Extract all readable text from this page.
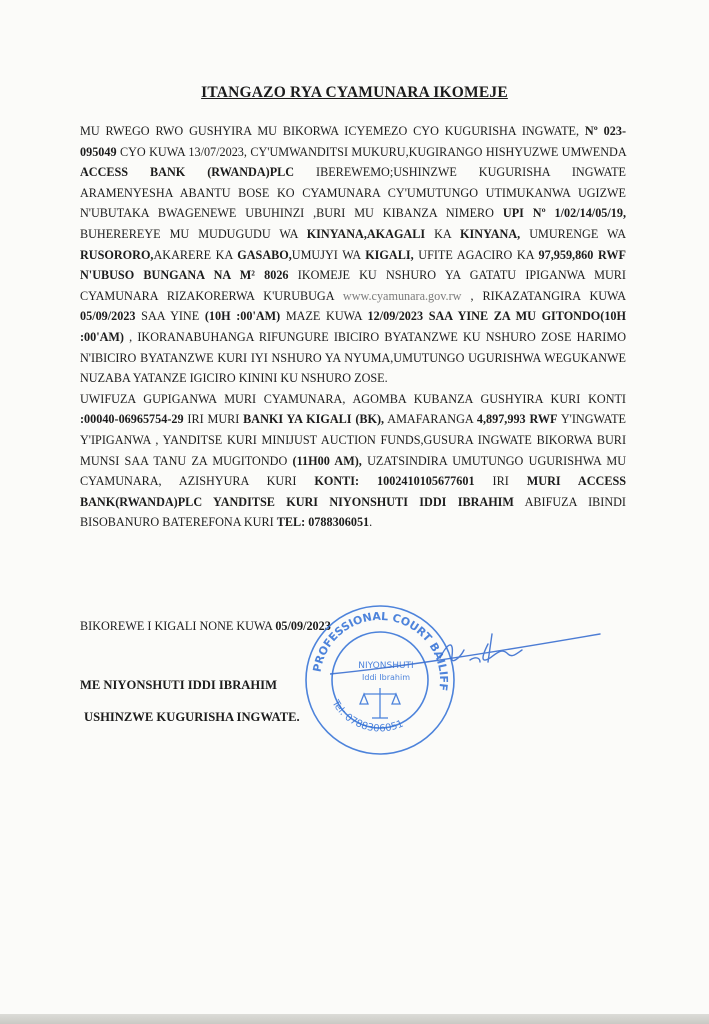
ITANGAZO RYA CYAMUNARA IKOMEJE

MU RWEGO RWO GUSHYIRA MU BIKORWA ICYEMEZO CYO KUGURISHA INGWATE, Nº 023-095049 CYO KUWA 13/07/2023, CY'UMWANDITSI MUKURU,KUGIRANGO HISHYUZWE UMWENDA ACCESS BANK (RWANDA)PLC IBEREWEMO;USHINZWE KUGURISHA INGWATE ARAMENYESHA ABANTU BOSE KO CYAMUNARA CY'UMUTUNGO UTIMUKANWA UGIZWE N'UBUTAKA BWAGENEWE UBUHINZI ,BURI MU KIBANZA NIMERO UPI Nº 1/02/14/05/19, BUHEREREYE MU MUDUGUDU WA KINYANA,AKAGALI KA KINYANA, UMURENGE WA RUSORORO,AKARERE KA GASABO,UMUJYI WA KIGALI, UFITE AGACIRO KA 97,959,860 RWF N'UBUSO BUNGANA NA M² 8026 IKOMEJE KU NSHURO YA GATATU IPIGANWA MURI CYAMUNARA RIZAKORERWA K'URUBUGA www.cyamunara.gov.rw , RIKAZATANGIRA KUWA 05/09/2023 SAA YINE (10H :00'AM) MAZE KUWA 12/09/2023 SAA YINE ZA MU GITONDO(10H :00'AM) , IKORANABUHANGA RIFUNGURE IBICIRO BYATANZWE KU NSHURO ZOSE HARIMO N'IBICIRO BYATANZWE KURI IYI NSHURO YA NYUMA,UMUTUNGO UGURISHWA WEGUKANWE NUZABA YATANZE IGICIRO KININI KU NSHURO ZOSE.

UWIFUZA GUPIGANWA MURI CYAMUNARA, AGOMBA KUBANZA GUSHYIRA KURI KONTI :00040-06965754-29 IRI MURI BANKI YA KIGALI (BK), AMAFARANGA 4,897,993 RWF Y'INGWATE Y'IPIGANWA , YANDITSE KURI MINIJUST AUCTION FUNDS,GUSURA INGWATE BIKORWA BURI MUNSI SAA TANU ZA MUGITONDO (11H00 AM), UZATSINDIRA UMUTUNGO UGURISHWA MU CYAMUNARA, AZISHYURA KURI KONTI: 1002410105677601 IRI MURI ACCESS BANK(RWANDA)PLC YANDITSE KURI NIYONSHUTI IDDI IBRAHIM ABIFUZA IBINDI BISOBANURO BATEREFONA KURI TEL: 0788306051.

BIKOREWE I KIGALI NONE KUWA 05/09/2023
ME NIYONSHUTI IDDI IBRAHIM
USHINZWE KUGURISHA INGWATE.
PROFESSIONAL COURT BAILIFF
NIYONSHUTI
Iddi Ibrahim
Tel: 0788306051
